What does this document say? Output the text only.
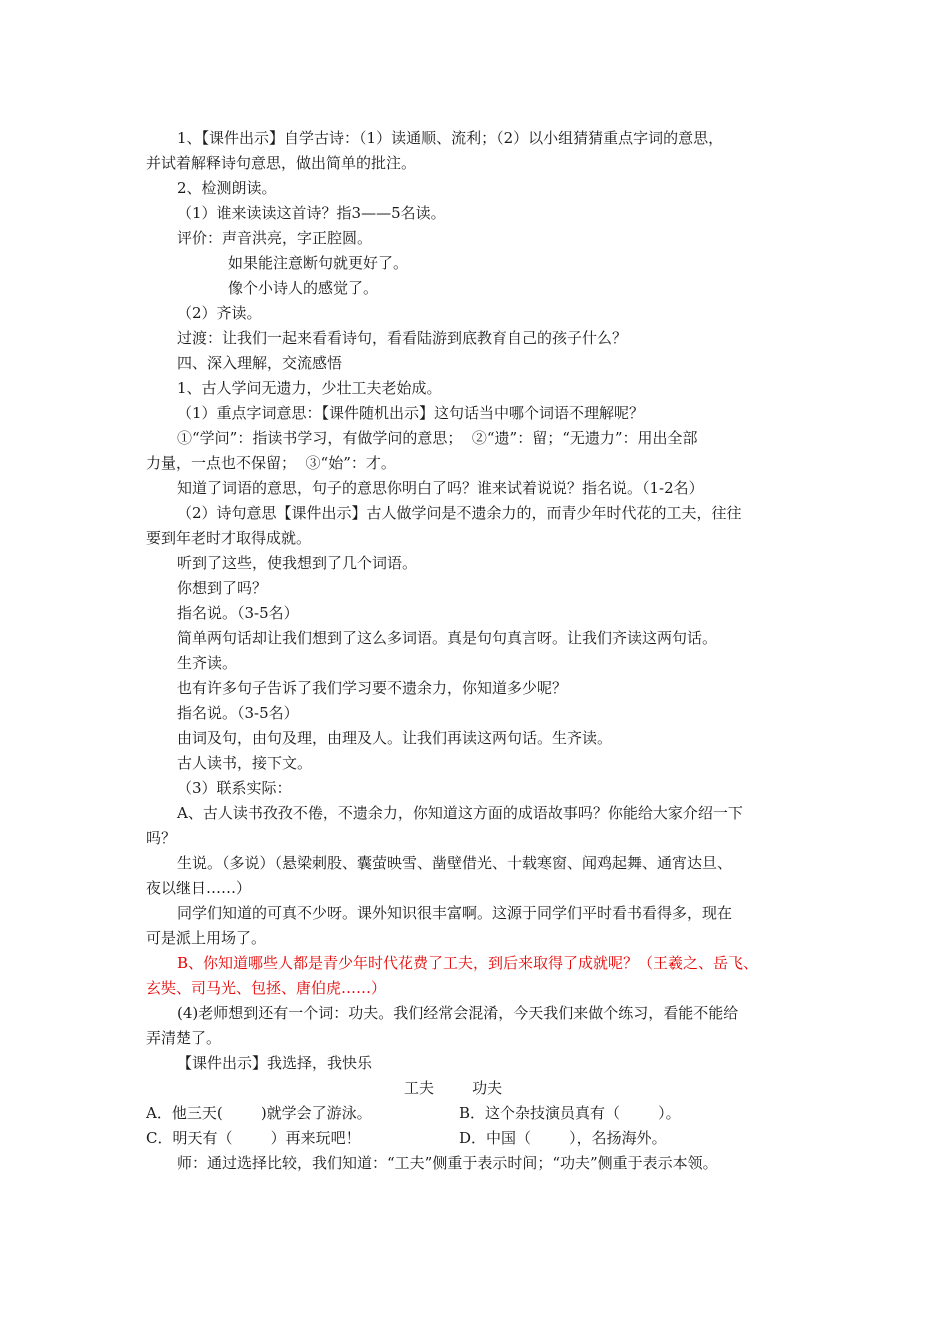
1、【课件出示】自学古诗：（1）读通顺、流利；（2）以小组猜猜重点字词的意思，

并试着解释诗句意思，做出简单的批注。

2、检测朗读。

（1）谁来读读这首诗？指3——5名读。

评价：声音洪亮，字正腔圆。

如果能注意断句就更好了。

像个小诗人的感觉了。

（2）齐读。

过渡：让我们一起来看看诗句，看看陆游到底教育自己的孩子什么？

四、深入理解，交流感悟

1、古人学问无遗力，少壮工夫老始成。

（1）重点字词意思：【课件随机出示】这句话当中哪个词语不理解呢？

①“学问”：指读书学习，有做学问的意思；  ②“遗”：留；“无遗力”：用出全部

力量，一点也不保留；  ③“始”：才。

知道了词语的意思，句子的意思你明白了吗？谁来试着说说？指名说。（1-2名）

（2）诗句意思【课件出示】古人做学问是不遗余力的，而青少年时代花的工夫，往往

要到年老时才取得成就。

听到了这些，使我想到了几个词语。

你想到了吗？

指名说。（3-5名）

简单两句话却让我们想到了这么多词语。真是句句真言呀。让我们齐读这两句话。

生齐读。

也有许多句子告诉了我们学习要不遗余力，你知道多少呢？

指名说。（3-5名）

由词及句，由句及理，由理及人。让我们再读这两句话。生齐读。

古人读书，接下文。

（3）联系实际：

A、古人读书孜孜不倦，不遗余力，你知道这方面的成语故事吗？你能给大家介绍一下

吗？

生说。（多说）（悬梁刺股、囊萤映雪、凿壁借光、十载寒窗、闻鸡起舞、通宵达旦、

夜以继日……）

同学们知道的可真不少呀。课外知识很丰富啊。这源于同学们平时看书看得多，现在

可是派上用场了。

B、你知道哪些人都是青少年时代花费了工夫，到后来取得了成就呢？（王羲之、岳飞、

玄奘、司马光、包拯、唐伯虎……）

(4)老师想到还有一个词：功夫。我们经常会混淆，今天我们来做个练习，看能不能给

弄清楚了。

【课件出示】我选择，我快乐

工夫        功夫

A．他三天(        )就学会了游泳。	B．这个杂技演员真有（        ）。

C．明天有（        ）再来玩吧！	D．中国（        ），名扬海外。

师：通过选择比较，我们知道：“工夫”侧重于表示时间；“功夫”侧重于表示本领。
